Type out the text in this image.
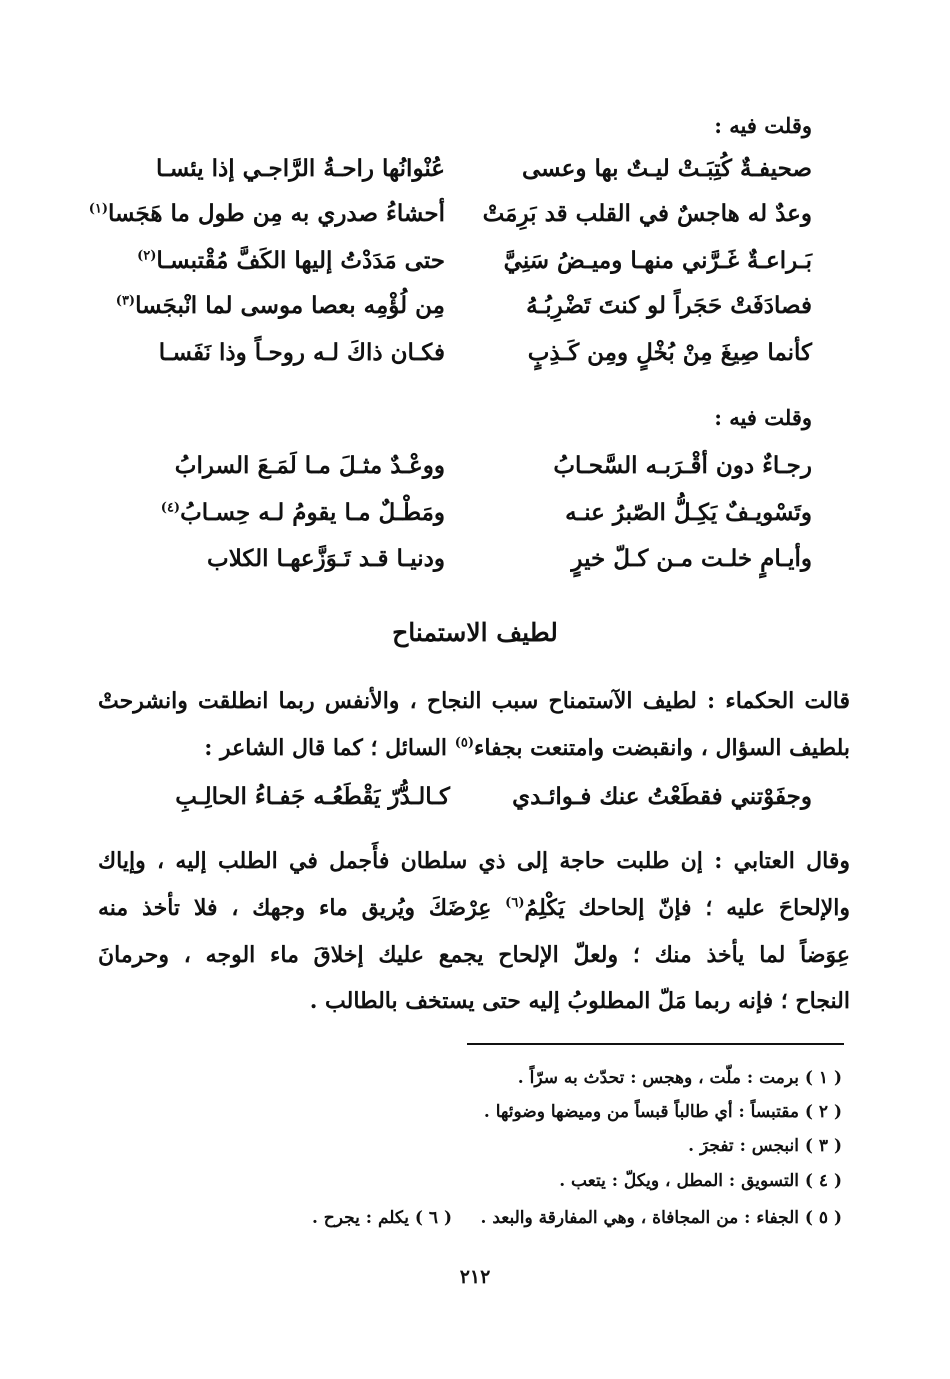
وقلت فيه :
صحيفـةٌ كُتِبَـتْ ليـتٌ بها وعسى
عُنْوانُها راحـةُ الرَّاجـي إذا يئسـا
وعدٌ له هاجسٌ في القلب قد بَرِمَتْ
أحشاءُ صدري به مِن طول ما هَجَسا$^{(١)}$
بَـراعـةٌ غَـرَّني منهـا وميـضُ سَنِيَّ
حتى مَدَدْتُ إليها الكَفَّ مُقْتبسـا$^{(٢)}$
فصادَفَتْ حَجَراً لو كنتَ تَضْرِبُـهُ
مِن لُؤْمِه بعصا موسى لما انْبجَسا$^{(٣)}$
كأنما صِيغَ مِنْ بُخْلٍ ومِن كَـذِبٍ
فكـان ذاكَ لـه روحـاً وذا نَفَسـا
وقلت فيه :
رجـاءٌ دون أقْـرَبـه السَّحـابُ
ووعْـدٌ مثـلَ مـا لَمَـعَ السرابُ
وتَسْويـفٌ يَكِـلُّ الصّبرُ عنـه
ومَطْـلٌ مـا يقومُ لـه حِسـابُ$^{(٤)}$
وأيـامٍ خلـت مـن كـلّ خيرٍ
ودنيـا قـد تَـوَزَّعهـا الكلاب
لطيف الاستمناح
قالت الحكماء : لطيف الآستمناح سبب النجاح ، والأنفس ربما انطلقت وانشرحتْ
بلطيف السؤال ، وانقبضت وامتنعت بجفاء$^{(٥)}$ السائل ؛ كما قال الشاعر :
وجفَوْتني فقطَعْتُ عنك فـوائـدي
كـالـدُّرّ يَقْطَعُـه جَفـاءُ الحالِـبِ
وقال العتابي : إن طلبت حاجة إلى ذي سلطان فأَجمل في الطلب إليه ، وإياك
والإلحاحَ عليه ؛ فإنّ إلحاحك يَكْلِمُ$^{(٦)}$ عِرْضَكَ ويُريق ماء وجهك ، فلا تأخذ منه
عِوَضاً لما يأخذ منك ؛ ولعلّ الإلحاح يجمع عليك إخلاقَ ماء الوجه ، وحرمانَ
النجاح ؛ فإنه ربما مَلّ المطلوبُ إليه حتى يستخف بالطالب .
( ١ ) برمت : ملّت ، وهجس : تحدّث به سرّاً .
( ٢ ) مقتبساً : أي طالباً قبساً من وميضها وضوئها .
( ٣ ) انبجس : تفجرَ .
( ٤ ) التسويق : المطل ، ويكلّ : يتعب .
( ٥ ) الجفاء : من المجافاة ، وهي المفارقة والبعد .
( ٦ ) يكلم : يجرح .
٢١٢
